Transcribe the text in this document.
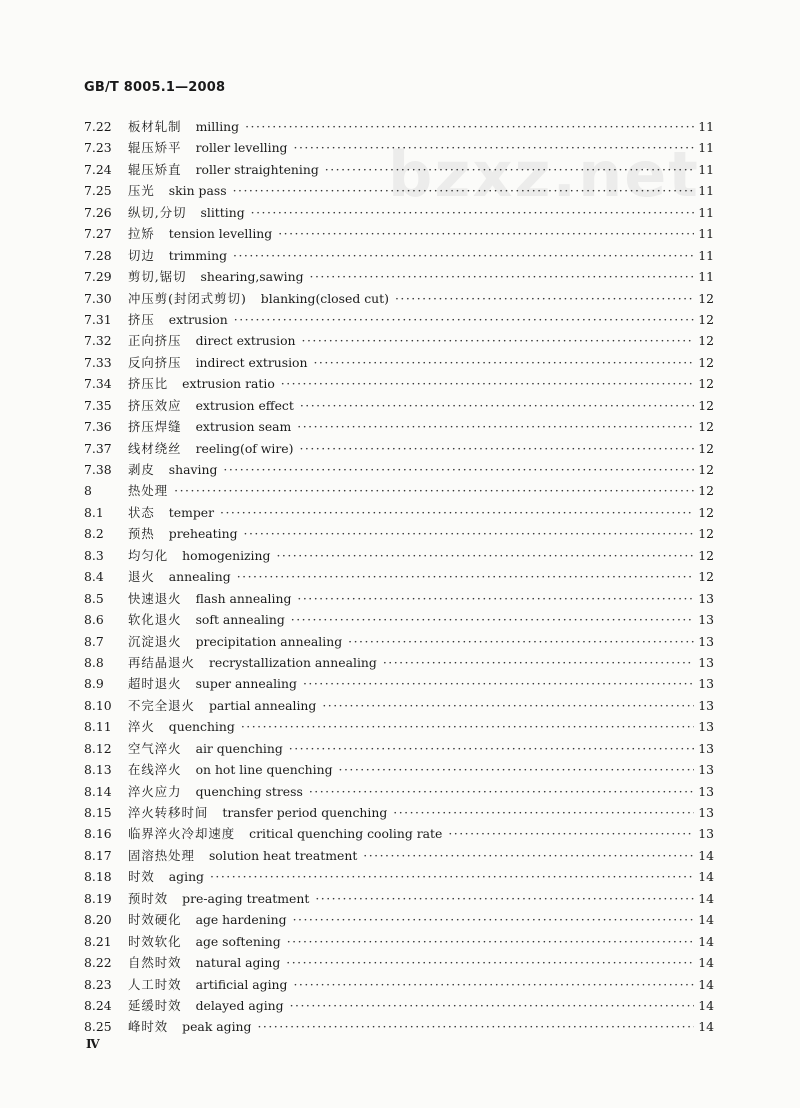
GB/T 8005.1—2008
bzxz.net
7.22	板材轧制 milling ·····	11
7.23	辊压矫平 roller levelling ·····	11
7.24	辊压矫直 roller straightening ·····	11
7.25	压光 skin pass ·····	11
7.26	纵切,分切 slitting ·····	11
7.27	拉矫 tension levelling ·····	11
7.28	切边 trimming ·····	11
7.29	剪切,锯切 shearing,sawing ·····	11
7.30	冲压剪(封闭式剪切) blanking(closed cut) ·····	12
7.31	挤压 extrusion ·····	12
7.32	正向挤压 direct extrusion ·····	12
7.33	反向挤压 indirect extrusion ·····	12
7.34	挤压比 extrusion ratio ·····	12
7.35	挤压效应 extrusion effect ·····	12
7.36	挤压焊缝 extrusion seam ·····	12
7.37	线材绕丝 reeling(of wire) ·····	12
7.38	剥皮 shaving ·····	12
8	热处理 ·····	12
8.1	状态 temper ·····	12
8.2	预热 preheating ·····	12
8.3	均匀化 homogenizing ·····	12
8.4	退火 annealing ·····	12
8.5	快速退火 flash annealing ·····	13
8.6	软化退火 soft annealing ·····	13
8.7	沉淀退火 precipitation annealing ·····	13
8.8	再结晶退火 recrystallization annealing ·····	13
8.9	超时退火 super annealing ·····	13
8.10	不完全退火 partial annealing ·····	13
8.11	淬火 quenching ·····	13
8.12	空气淬火 air quenching ·····	13
8.13	在线淬火 on hot line quenching ·····	13
8.14	淬火应力 quenching stress ·····	13
8.15	淬火转移时间 transfer period quenching ·····	13
8.16	临界淬火冷却速度 critical quenching cooling rate ·····	13
8.17	固溶热处理 solution heat treatment ·····	14
8.18	时效 aging ·····	14
8.19	预时效 pre-aging treatment ·····	14
8.20	时效硬化 age hardening ·····	14
8.21	时效软化 age softening ·····	14
8.22	自然时效 natural aging ·····	14
8.23	人工时效 artificial aging ·····	14
8.24	延缓时效 delayed aging ·····	14
8.25	峰时效 peak aging ·····	14
Ⅳ
